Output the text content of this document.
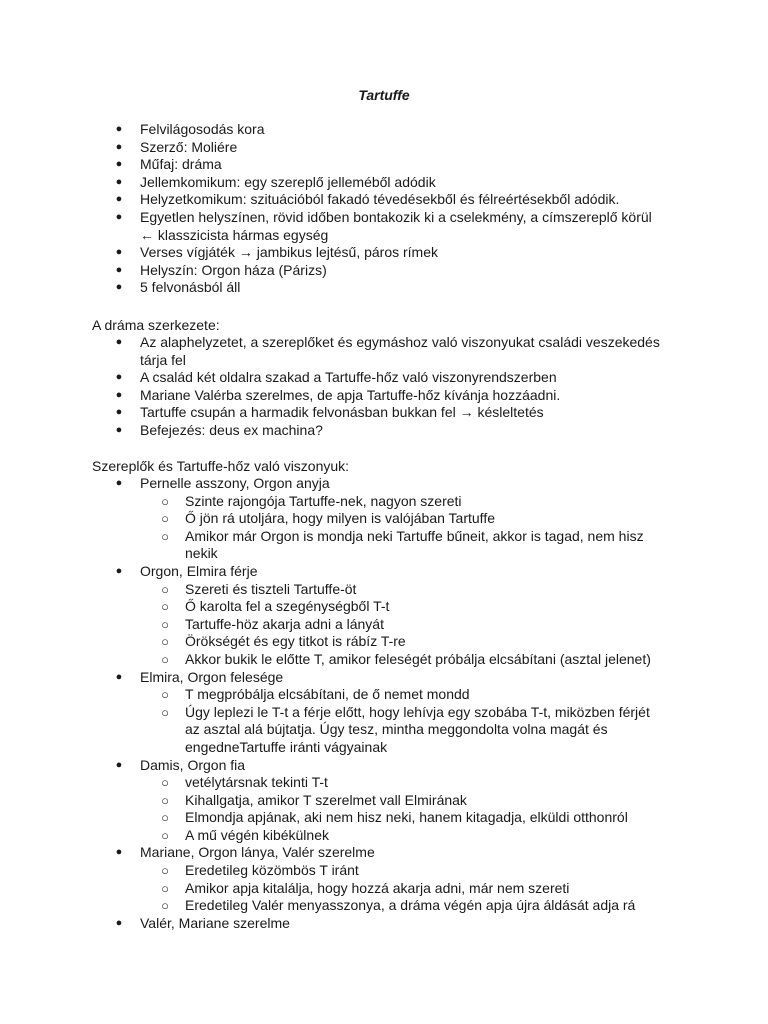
Tartuffe
● Felvilágosodás kora
● Szerző: Moliére
● Műfaj: dráma
● Jellemkomikum: egy szereplő jelleméből adódik
● Helyzetkomikum: szituációból fakadó tévedésekből és félreértésekből adódik.
● Egyetlen helyszínen, rövid időben bontakozik ki a cselekmény, a címszereplő körül
← klasszicista hármas egység
● Verses vígjáték → jambikus lejtésű, páros rímek
● Helyszín: Orgon háza (Párizs)
● 5 felvonásból áll
A dráma szerkezete:
● Az alaphelyzetet, a szereplőket és egymáshoz való viszonyukat családi veszekedés
tárja fel
● A család két oldalra szakad a Tartuffe-hőz való viszonyrendszerben
● Mariane Valérba szerelmes, de apja Tartuffe-hőz kívánja hozzáadni.
● Tartuffe csupán a harmadik felvonásban bukkan fel → késleltetés
● Befejezés: deus ex machina?
Szereplők és Tartuffe-hőz való viszonyuk:
● Pernelle asszony, Orgon anyja
○ Szinte rajongója Tartuffe-nek, nagyon szereti
○ Ő jön rá utoljára, hogy milyen is valójában Tartuffe
○ Amikor már Orgon is mondja neki Tartuffe bűneit, akkor is tagad, nem hisz
nekik
● Orgon, Elmira férje
○ Szereti és tiszteli Tartuffe-öt
○ Ő karolta fel a szegénységből T-t
○ Tartuffe-höz akarja adni a lányát
○ Örökségét és egy titkot is rábíz T-re
○ Akkor bukik le előtte T, amikor feleségét próbálja elcsábítani (asztal jelenet)
● Elmira, Orgon felesége
○ T megpróbálja elcsábítani, de ő nemet mondd
○ Úgy leplezi le T-t a férje előtt, hogy lehívja egy szobába T-t, miközben férjét
az asztal alá bújtatja. Úgy tesz, mintha meggondolta volna magát és
engedneTartuffe iránti vágyainak
● Damis, Orgon fia
○ vetélytársnak tekinti T-t
○ Kihallgatja, amikor T szerelmet vall Elmirának
○ Elmondja apjának, aki nem hisz neki, hanem kitagadja, elküldi otthonról
○ A mű végén kibékülnek
● Mariane, Orgon lánya, Valér szerelme
○ Eredetileg közömbös T iránt
○ Amikor apja kitalálja, hogy hozzá akarja adni, már nem szereti
○ Eredetileg Valér menyasszonya, a dráma végén apja újra áldását adja rá
● Valér, Mariane szerelme
